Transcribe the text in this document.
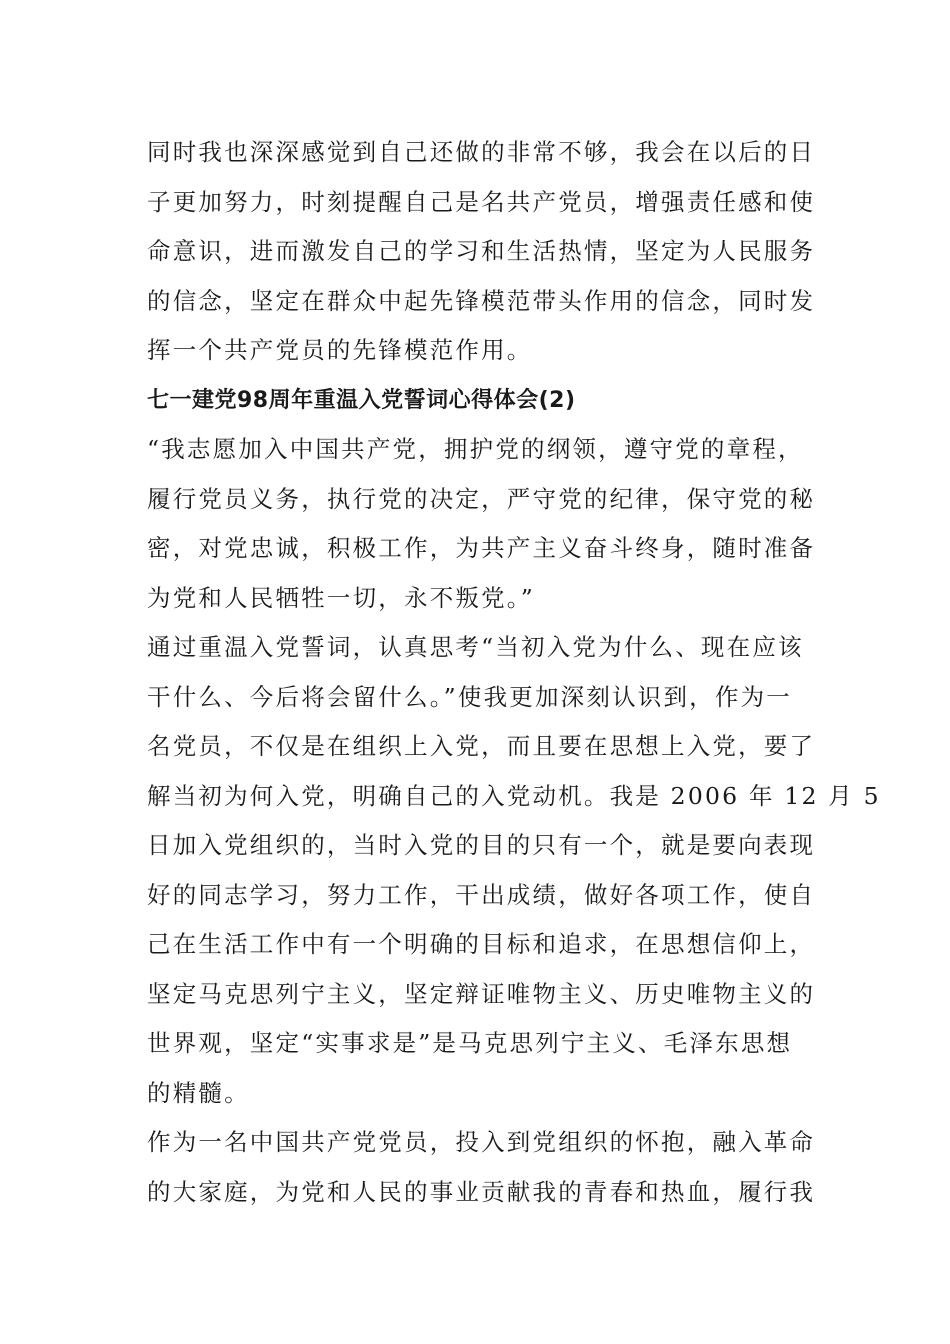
同时我也深深感觉到自己还做的非常不够，我会在以后的日
子更加努力，时刻提醒自己是名共产党员，增强责任感和使
命意识，进而激发自己的学习和生活热情，坚定为人民服务
的信念，坚定在群众中起先锋模范带头作用的信念，同时发
挥一个共产党员的先锋模范作用。
七一建党98周年重温入党誓词心得体会(2)
“我志愿加入中国共产党，拥护党的纲领，遵守党的章程，
履行党员义务，执行党的决定，严守党的纪律，保守党的秘
密，对党忠诚，积极工作，为共产主义奋斗终身，随时准备
为党和人民牺牲一切，永不叛党。”
通过重温入党誓词，认真思考“当初入党为什么、现在应该
干什么、今后将会留什么。”使我更加深刻认识到，作为一
名党员，不仅是在组织上入党，而且要在思想上入党，要了
解当初为何入党，明确自己的入党动机。我是 2006 年 12 月 5
日加入党组织的，当时入党的目的只有一个，就是要向表现
好的同志学习，努力工作，干出成绩，做好各项工作，使自
己在生活工作中有一个明确的目标和追求，在思想信仰上，
坚定马克思列宁主义，坚定辩证唯物主义、历史唯物主义的
世界观，坚定“实事求是”是马克思列宁主义、毛泽东思想
的精髓。
作为一名中国共产党党员，投入到党组织的怀抱，融入革命
的大家庭，为党和人民的事业贡献我的青春和热血，履行我
